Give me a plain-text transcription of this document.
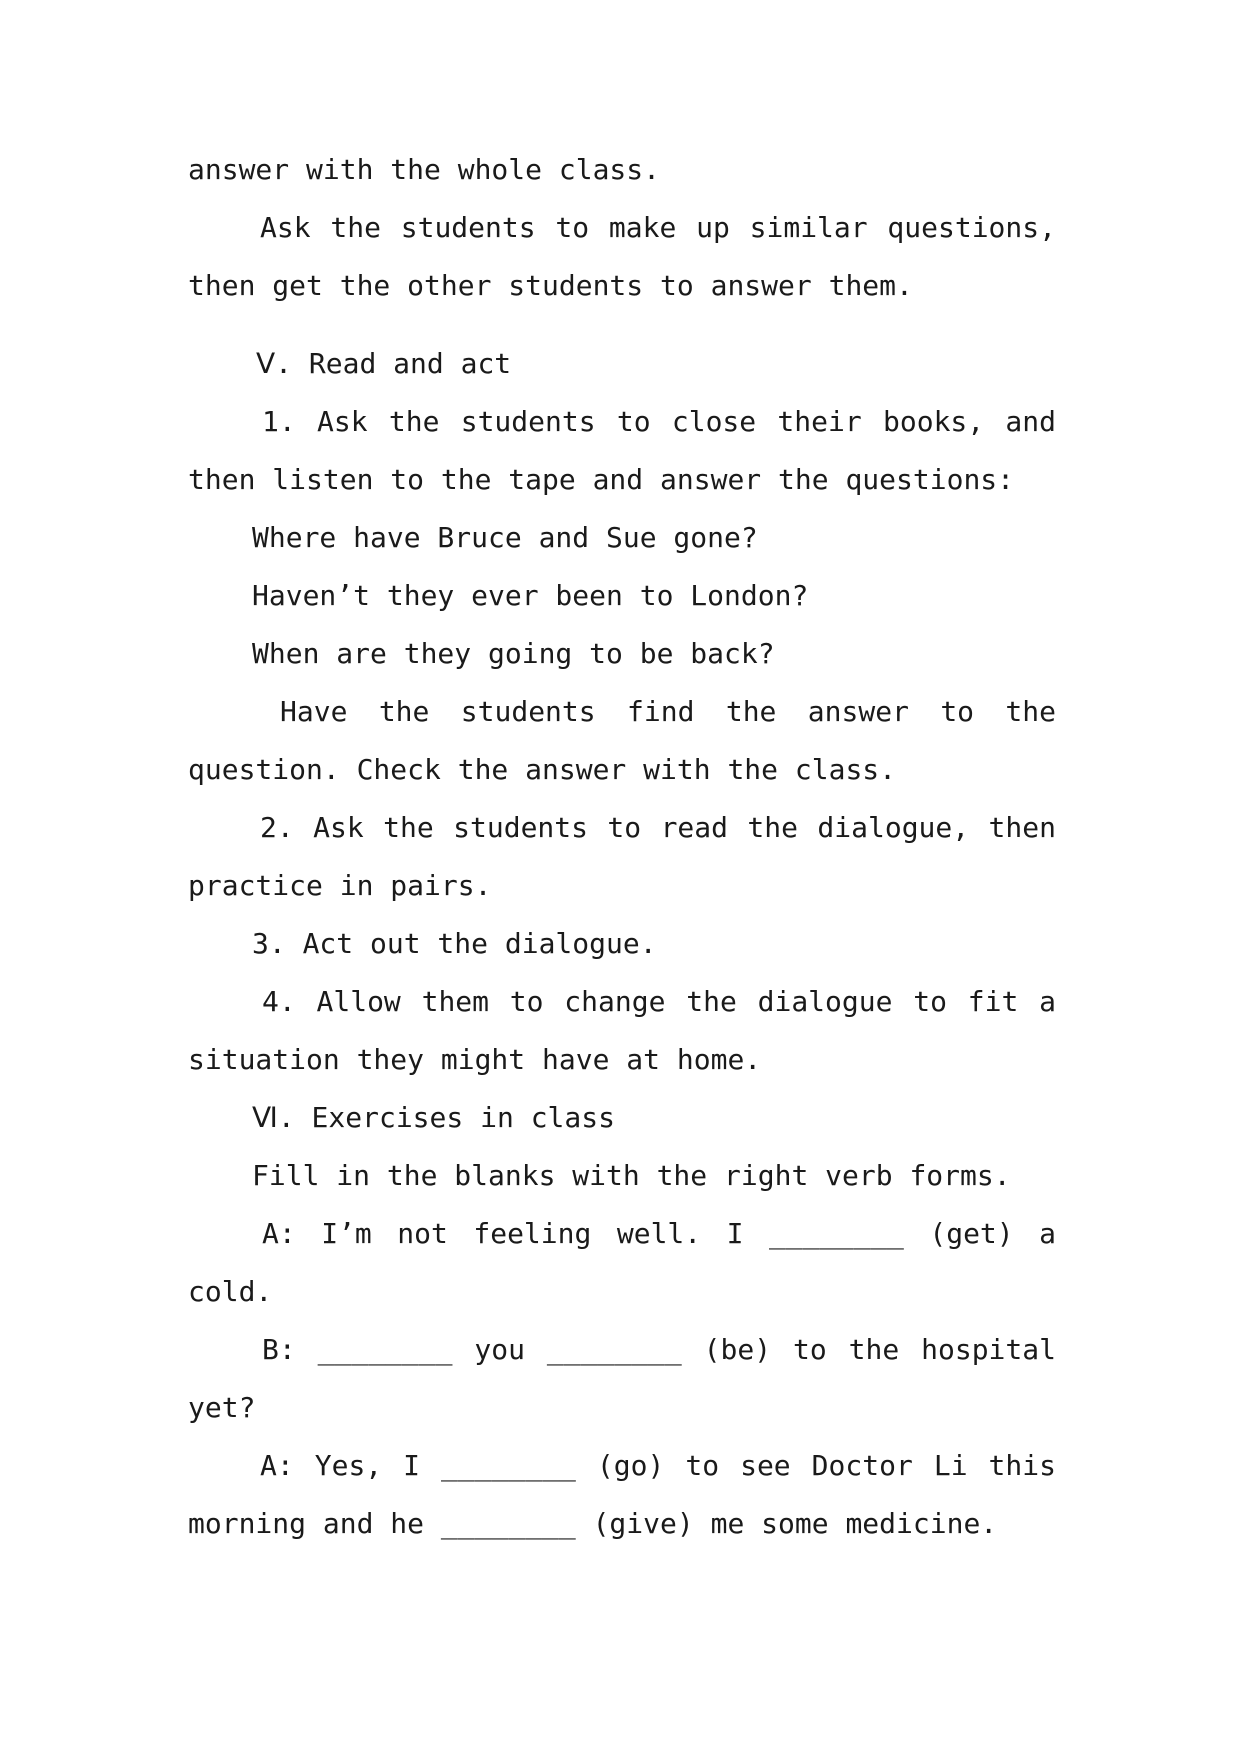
answer with the whole class.
Ask the students to make up similar questions,
then get the other students to answer them.
Ⅴ. Read and act
1. Ask the students to close their books, and
then listen to the tape and answer the questions:
Where have Bruce and Sue gone?
Haven’t they ever been to London?
When are they going to be back?
Have the students find the answer to the
question. Check the answer with the class.
2. Ask the students to read the dialogue, then
practice in pairs.
3. Act out the dialogue.
4. Allow them to change the dialogue to fit a
situation they might have at home.
Ⅵ. Exercises in class
Fill in the blanks with the right verb forms.
A: I’m not feeling well. I ________ (get) a
cold.
B: ________ you ________ (be) to the hospital
yet?
A: Yes, I ________ (go) to see Doctor Li this
morning and he ________ (give) me some medicine.
